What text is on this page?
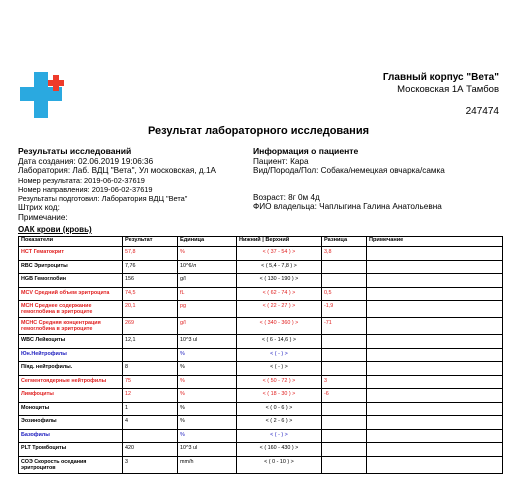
Главный корпус "Вета"
Московская 1А Тамбов
247474
Результат лабораторного исследования
Результаты исследований
Дата создания: 02.06.2019 19:06:36
Лаборатория: Лаб. ВДЦ "Вета", Ул московская, д.1А
Номер результата: 2019-06-02-37619
Номер направления: 2019-06-02-37619
Результаты подготовил: Лаборатория ВДЦ "Вета"
Штрих код:
Примечание:
Информация о пациенте
Пациент: Кара
Вид/Порода/Пол: Собака/немецкая овчарка/самка
Возраст: 8г 0м 4д
ФИО владельца: Чаплыгина Галина Анатольевна
ОАК крови (кровь)
Показатели	Результат	Единица	Нижний | Верхний	Разница	Примечание
HCT Гематокрит	57,8	%	< ( 37 - 54 ) >	3,8	
RBC Эритроциты	7,76	10^6/л	< ( 5,4 - 7,8 ) >		
HGB Гемоглобин	156	g/l	< ( 130 - 190 ) >		
MCV Средний объем эритроцита	74,5	fL	< ( 62 - 74 ) >	0,5	
MCH Среднее содержание гемоглобина в эритроците	20,1	pg	< ( 22 - 27 ) >	-1,9	
MCHC Средняя концентрация гемоглобина в эритроците	269	g/l	< ( 340 - 360 ) >	-71	
WBC Лейкоциты	12,1	10^3 ul	< ( 6 - 14,6 ) >		
Юн.Нейтрофилы		%	< ( - ) >		
П/яд. нейтрофилы.	8	%	< ( - ) >		
Сегментоядерные нейтрофилы	75	%	< ( 50 - 72 ) >	3	
Лимфоциты	12	%	< ( 18 - 30 ) >	-6	
Моноциты	1	%	< ( 0 - 6 ) >		
Эозинофилы	4	%	< ( 2 - 6 ) >		
Базофилы		%	< ( - ) >		
PLT Тромбоциты	420	10^3 ul	< ( 160 - 430 ) >		
СОЭ Скорость оседания эритроцитов	3	mm/h	< ( 0 - 10 ) >		
